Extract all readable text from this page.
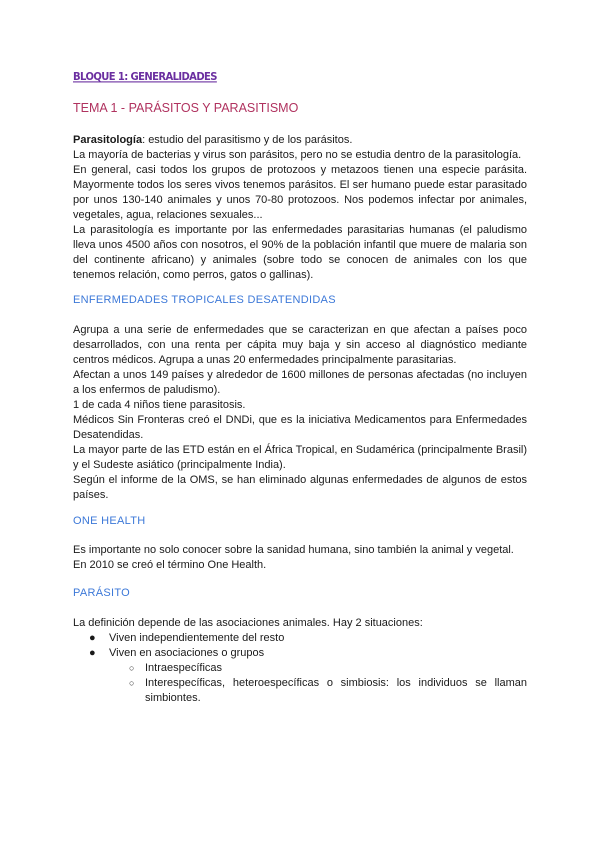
BLOQUE 1: GENERALIDADES
TEMA 1 - PARÁSITOS Y PARASITISMO

Parasitología: estudio del parasitismo y de los parásitos.

La mayoría de bacterias y virus son parásitos, pero no se estudia dentro de la parasitología.

En general, casi todos los grupos de protozoos y metazoos tienen una especie parásita. Mayormente todos los seres vivos tenemos parásitos. El ser humano puede estar parasitado por unos 130-140 animales y unos 70-80 protozoos. Nos podemos infectar por animales, vegetales, agua, relaciones sexuales...

La parasitología es importante por las enfermedades parasitarias humanas (el paludismo lleva unos 4500 años con nosotros, el 90% de la población infantil que muere de malaria son del continente africano) y animales (sobre todo se conocen de animales con los que tenemos relación, como perros, gatos o gallinas).

ENFERMEDADES TROPICALES DESATENDIDAS

Agrupa a una serie de enfermedades que se caracterizan en que afectan a países poco desarrollados, con una renta per cápita muy baja y sin acceso al diagnóstico mediante centros médicos. Agrupa a unas 20 enfermedades principalmente parasitarias.

Afectan a unos 149 países y alrededor de 1600 millones de personas afectadas (no incluyen a los enfermos de paludismo).

1 de cada 4 niños tiene parasitosis.

Médicos Sin Fronteras creó el DNDi, que es la iniciativa Medicamentos para Enfermedades Desatendidas.

La mayor parte de las ETD están en el África Tropical, en Sudamérica (principalmente Brasil) y el Sudeste asiático (principalmente India).

Según el informe de la OMS, se han eliminado algunas enfermedades de algunos de estos países.

ONE HEALTH

Es importante no solo conocer sobre la sanidad humana, sino también la animal y vegetal.

En 2010 se creó el término One Health.

PARÁSITO

La definición depende de las asociaciones animales. Hay 2 situaciones:

● Viven independientemente del resto
● Viven en asociaciones o grupos
○ Intraespecíficas
○ Interespecíficas, heteroespecíficas o simbiosis: los individuos se llaman simbiontes.
